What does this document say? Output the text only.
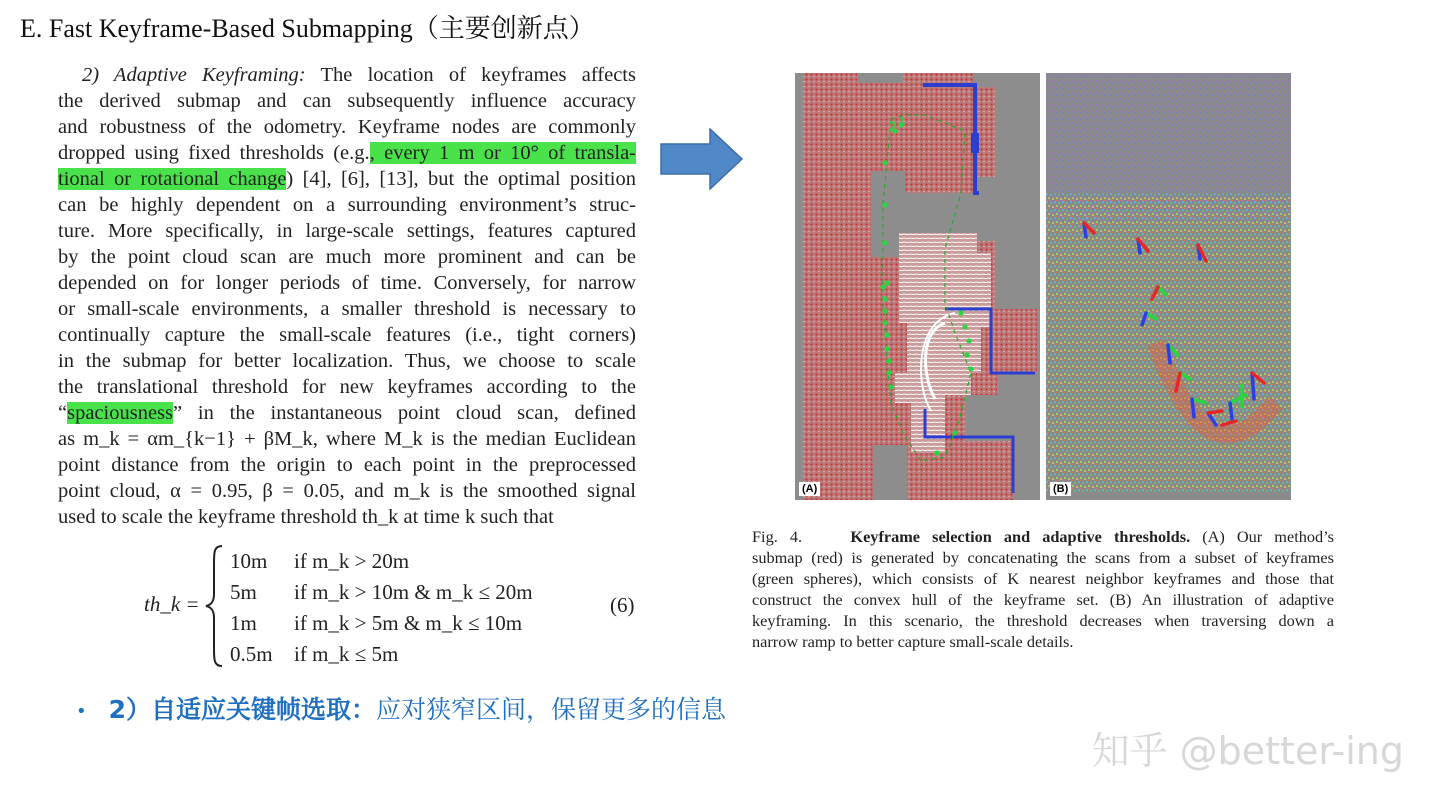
E. Fast Keyframe-Based Submapping（主要创新点）
2) Adaptive Keyframing: The location of keyframes affects
the derived submap and can subsequently influence accuracy
and robustness of the odometry. Keyframe nodes are commonly
dropped using fixed thresholds (e.g., every 1 m or 10° of transla-
tional or rotational change) [4], [6], [13], but the optimal position
can be highly dependent on a surrounding environment’s struc-
ture. More specifically, in large-scale settings, features captured
by the point cloud scan are much more prominent and can be
depended on for longer periods of time. Conversely, for narrow
or small-scale environments, a smaller threshold is necessary to
continually capture the small-scale features (i.e., tight corners)
in the submap for better localization. Thus, we choose to scale
the translational threshold for new keyframes according to the
“spaciousness” in the instantaneous point cloud scan, defined
as m_k = αm_{k−1} + βM_k, where M_k is the median Euclidean
point distance from the origin to each point in the preprocessed
point cloud, α = 0.95, β = 0.05, and m_k is the smoothed signal
used to scale the keyframe threshold th_k at time k such that
th_k =
10m if m_k > 20m
5m if m_k > 10m & m_k ≤ 20m
1m if m_k > 5m & m_k ≤ 10m
0.5m if m_k ≤ 5m
(6)
2 1
(A)	(B)
Fig. 4.	Keyframe selection and adaptive thresholds. (A) Our method’s
submap (red) is generated by concatenating the scans from a subset of keyframes
(green spheres), which consists of K nearest neighbor keyframes and those that
construct the convex hull of the keyframe set. (B) An illustration of adaptive
keyframing. In this scenario, the threshold decreases when traversing down a
narrow ramp to better capture small-scale details.
• 2）自适应关键帧选取：应对狭窄区间，保留更多的信息
知乎 @better-ing
